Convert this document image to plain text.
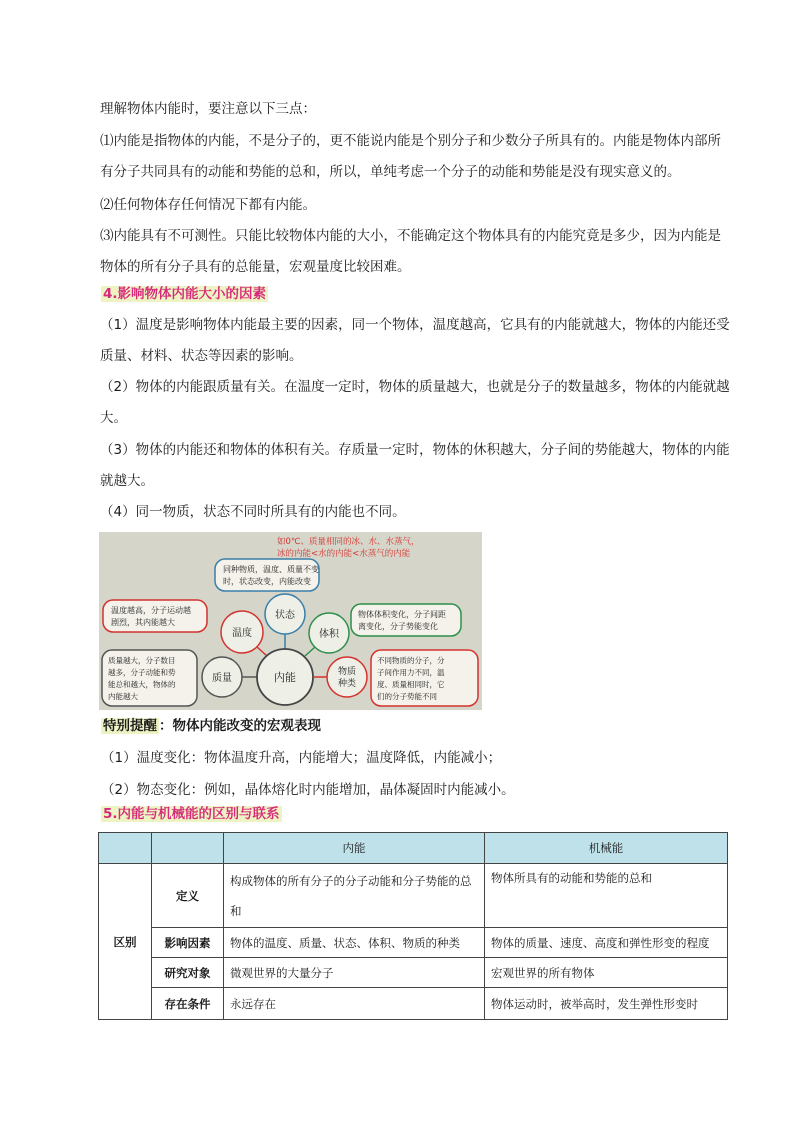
理解物体内能时，要注意以下三点：
⑴内能是指物体的内能，不是分子的，更不能说内能是个别分子和少数分子所具有的。内能是物体内部所有分子共同具有的动能和势能的总和，所以，单纯考虑一个分子的动能和势能是没有现实意义的。
⑵任何物体存任何情况下都有内能。
⑶内能具有不可测性。只能比较物体内能的大小，不能确定这个物体具有的内能究竟是多少，因为内能是物体的所有分子具有的总能量，宏观量度比较困难。
4.影响物体内能大小的因素
（1）温度是影响物体内能最主要的因素，同一个物体，温度越高，它具有的内能就越大，物体的内能还受质量、材料、状态等因素的影响。
（2）物体的内能跟质量有关。在温度一定时，物体的质量越大，也就是分子的数量越多，物体的内能就越大。
（3）物体的内能还和物体的体积有关。存质量一定时，物体的休积越大，分子间的势能越大，物体的内能就越大。
（4）同一物质，状态不同时所具有的内能也不同。
如0℃、质量相同的冰、水、水蒸气，
冰的内能<水的内能<水蒸气的内能
同种物质，温度、质量不变
时，状态改变，内能改变
状态
温度越高，分子运动越
剧烈，其内能越大
温度	体积
物体体积变化，分子间距
离变化，分子势能变化
质量越大，分子数目
越多，分子动能和势
能总和越大，物体的
内能越大
质量	内能	物质
种类
不同物质的分子，分
子间作用力不同，温
度、质量相同时，它
们的分子势能不同
特别提醒 ：物体内能改变的宏观表现
（1）温度变化：物体温度升高，内能增大；温度降低，内能减小；
（2）物态变化：例如，晶体熔化时内能增加，晶体凝固时内能减小。
5.内能与机械能的区别与联系
		内能	机械能
区别	定义	构成物体的所有分子的分子动能和分子势能的总和	物体所具有的动能和势能的总和
	影响因素	物体的温度、质量、状态、体积、物质的种类	物体的质量、速度、高度和弹性形变的程度
	研究对象	微观世界的大量分子	宏观世界的所有物体
	存在条件	永远存在	物体运动时，被举高时，发生弹性形变时
